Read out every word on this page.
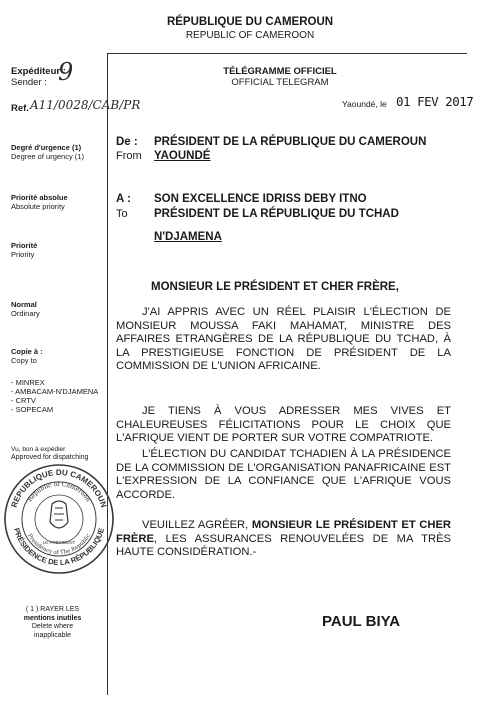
RÉPUBLIQUE DU CAMEROUN
REPUBLIC OF CAMEROON
Expéditeur :
Sender : 9
Ref. A11/0028/CAB/PR
Degré d'urgence (1)
Degree of urgency (1)
Priorité absolue
Absolute priority
Priorité
Priority
Normal
Ordinary
Copie à :
Copy to
- MINREX
- AMBACAM-N'DJAMENA
- CRTV
- SOPECAM
Vu, bon à expédier
Approved for dispatching
( 1 ) RAYER LES
mentions inutiles
Delete where
inapplicable
REPUBLIQUE DU CAMEROUN
PRÉSIDENCE DE LA RÉPUBLIQUE
Republic of Cameroon
Presidency of The Republic
LE PRÉSIDENT
TÉLÉGRAMME OFFICIEL
OFFICIAL TELEGRAM
Yaoundé, le 01 FEV 2017
De :
From
PRÉSIDENT DE LA RÉPUBLIQUE DU CAMEROUN
YAOUNDÉ
A :
To
SON EXCELLENCE IDRISS DEBY ITNO
PRÉSIDENT DE LA RÉPUBLIQUE DU TCHAD
N'DJAMENA
MONSIEUR LE PRÉSIDENT ET CHER FRÈRE,

J'AI APPRIS AVEC UN RÉEL PLAISIR L'ÉLECTION DE MONSIEUR MOUSSA FAKI MAHAMAT, MINISTRE DES AFFAIRES ETRANGÈRES DE LA RÉPUBLIQUE DU TCHAD, À LA PRESTIGIEUSE FONCTION DE PRÉSIDENT DE LA COMMISSION DE L'UNION AFRICAINE.

JE TIENS À VOUS ADRESSER MES VIVES ET CHALEUREUSES FÉLICITATIONS POUR LE CHOIX QUE L'AFRIQUE VIENT DE PORTER SUR VOTRE COMPATRIOTE.

L'ÉLECTION DU CANDIDAT TCHADIEN À LA PRÉSIDENCE DE LA COMMISSION DE L'ORGANISATION PANAFRICAINE EST L'EXPRESSION DE LA CONFIANCE QUE L'AFRIQUE VOUS ACCORDE.

VEUILLEZ AGRÉER, MONSIEUR LE PRÉSIDENT ET CHER FRÈRE, LES ASSURANCES RENOUVELÉES DE MA TRÈS HAUTE CONSIDÉRATION.-

PAUL BIYA
